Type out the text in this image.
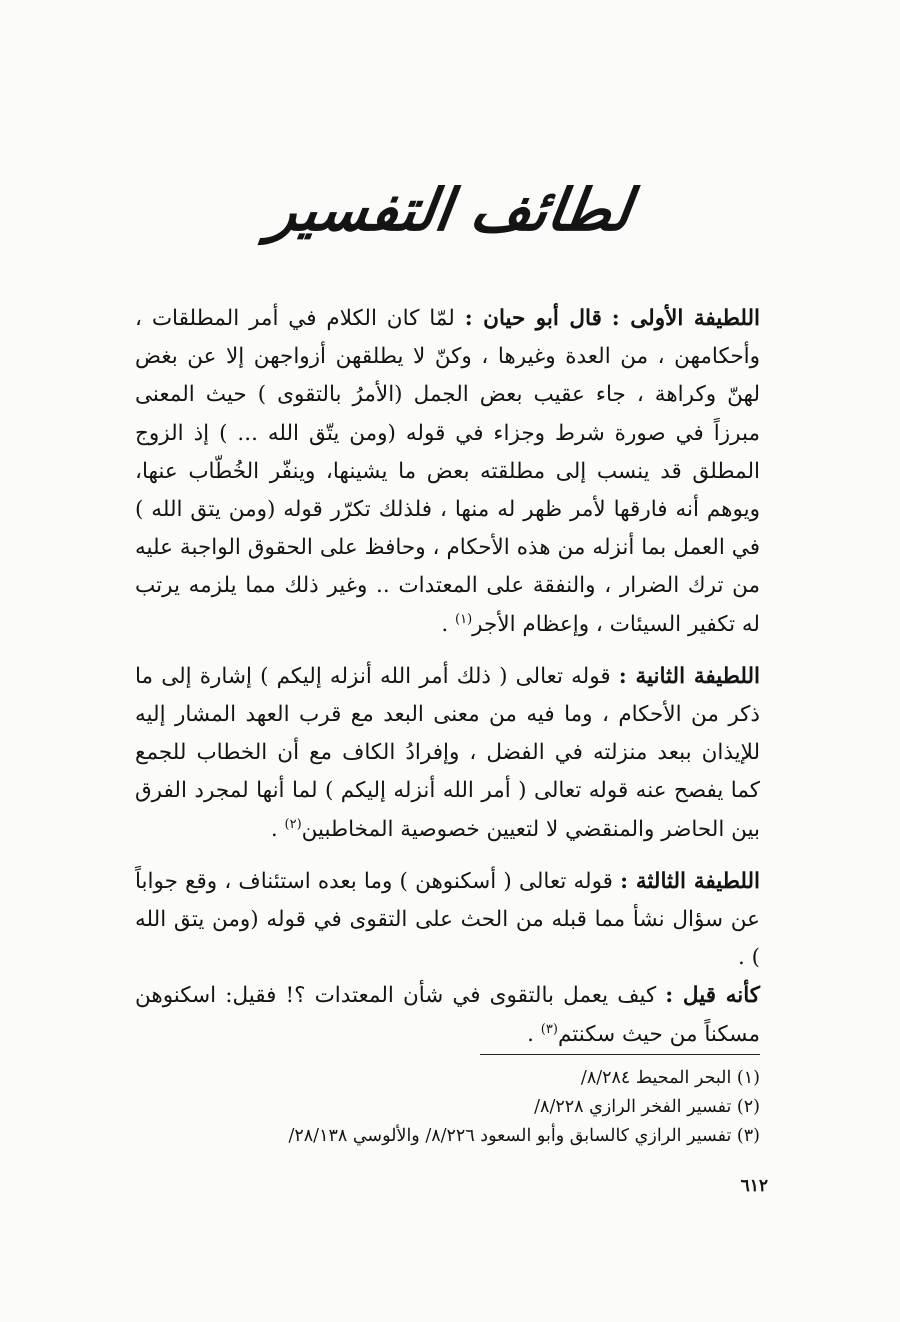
لطائف التفسير

اللطيفة الأولى : قال أبو حيان : لمّا كان الكلام في أمر المطلقات ، وأحكامهن ، من العدة وغيرها ، وكنّ لا يطلقهن أزواجهن إلا عن بغض لهنّ وكراهة ، جاء عقيب بعض الجمل (الأمرُ بالتقوى ) حيث المعنى مبرزاً في صورة شرط وجزاء في قوله (ومن يتّق الله ... ) إذ الزوج المطلق قد ينسب إلى مطلقته بعض ما يشينها، وينفّر الخُطّاب عنها، ويوهم أنه فارقها لأمر ظهر له منها ، فلذلك تكرّر قوله (ومن يتق الله ) في العمل بما أنزله من هذه الأحكام ، وحافظ على الحقوق الواجبة عليه من ترك الضرار ، والنفقة على المعتدات .. وغير ذلك مما يلزمه يرتب له تكفير السيئات ، وإعظام الأجر$^{(١)}$ .

اللطيفة الثانية : قوله تعالى ( ذلك أمر الله أنزله إليكم ) إشارة إلى ما ذكر من الأحكام ، وما فيه من معنى البعد مع قرب العهد المشار إليه للإيذان ببعد منزلته في الفضل ، وإفرادُ الكاف مع أن الخطاب للجمع كما يفصح عنه قوله تعالى ( أمر الله أنزله إليكم ) لما أنها لمجرد الفرق بين الحاضر والمنقضي لا لتعيين خصوصية المخاطبين$^{(٢)}$ .

اللطيفة الثالثة : قوله تعالى ( أسكنوهن ) وما بعده استئناف ، وقع جواباً عن سؤال نشأ مما قبله من الحث على التقوى في قوله (ومن يتق الله ) .

كأنه قيل : كيف يعمل بالتقوى في شأن المعتدات ؟! فقيل: اسكنوهن مسكناً من حيث سكنتم$^{(٣)}$ .

(١) البحر المحيط ٨/٢٨٤/

(٢) تفسير الفخر الرازي ٨/٢٢٨/

(٣) تفسير الرازي كالسابق وأبو السعود ٨/٢٢٦/ والألوسي ٢٨/١٣٨/

٦١٢
